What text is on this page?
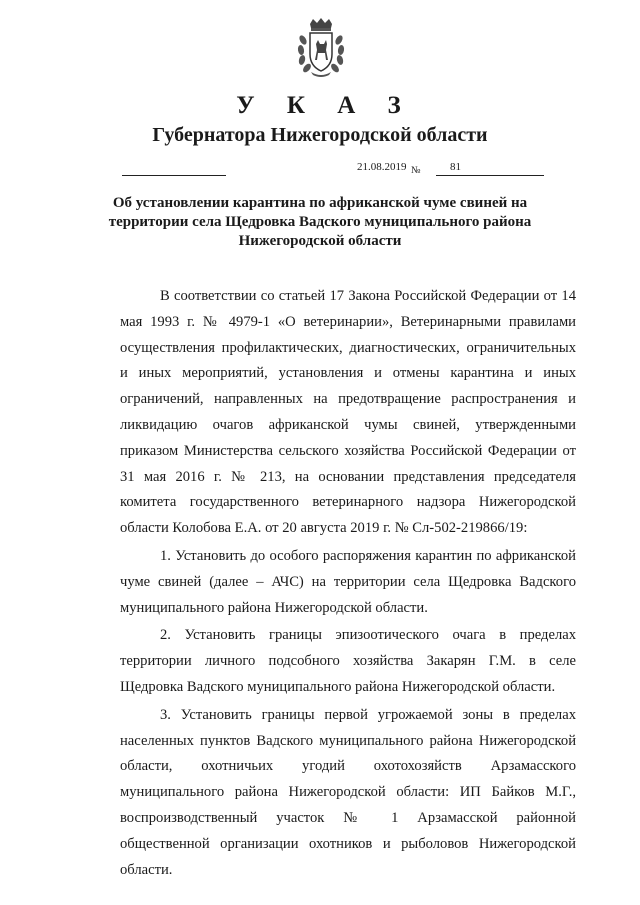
У К А З
Губернатора Нижегородской области
21.08.2019 №	81
Об установлении карантина по африканской чуме свиней на территории села Щедровка Вадского муниципального района Нижегородской области

В соответствии со статьей 17 Закона Российской Федерации от 14 мая 1993 г. № 4979-1 «О ветеринарии», Ветеринарными правилами осуществления профилактических, диагностических, ограничительных и иных мероприятий, установления и отмены карантина и иных ограничений, направленных на предотвращение распространения и ликвидацию очагов африканской чумы свиней, утвержденными приказом Министерства сельского хозяйства Российской Федерации от 31 мая 2016 г. № 213, на основании представления председателя комитета государственного ветеринарного надзора Нижегородской области Колобова Е.А. от 20 августа 2019 г. № Сл-502-219866/19:

1. Установить до особого распоряжения карантин по африканской чуме свиней (далее – АЧС) на территории села Щедровка Вадского муниципального района Нижегородской области.

2. Установить границы эпизоотического очага в пределах территории личного подсобного хозяйства Закарян Г.М. в селе Щедровка Вадского муниципального района Нижегородской области.

3. Установить границы первой угрожаемой зоны в пределах населенных пунктов Вадского муниципального района Нижегородской области, охотничьих угодий охотохозяйств Арзамасского муниципального района Нижегородской области: ИП Байков М.Г., воспроизводственный участок № 1 Арзамасской районной общественной организации охотников и рыболовов Нижегородской области.
